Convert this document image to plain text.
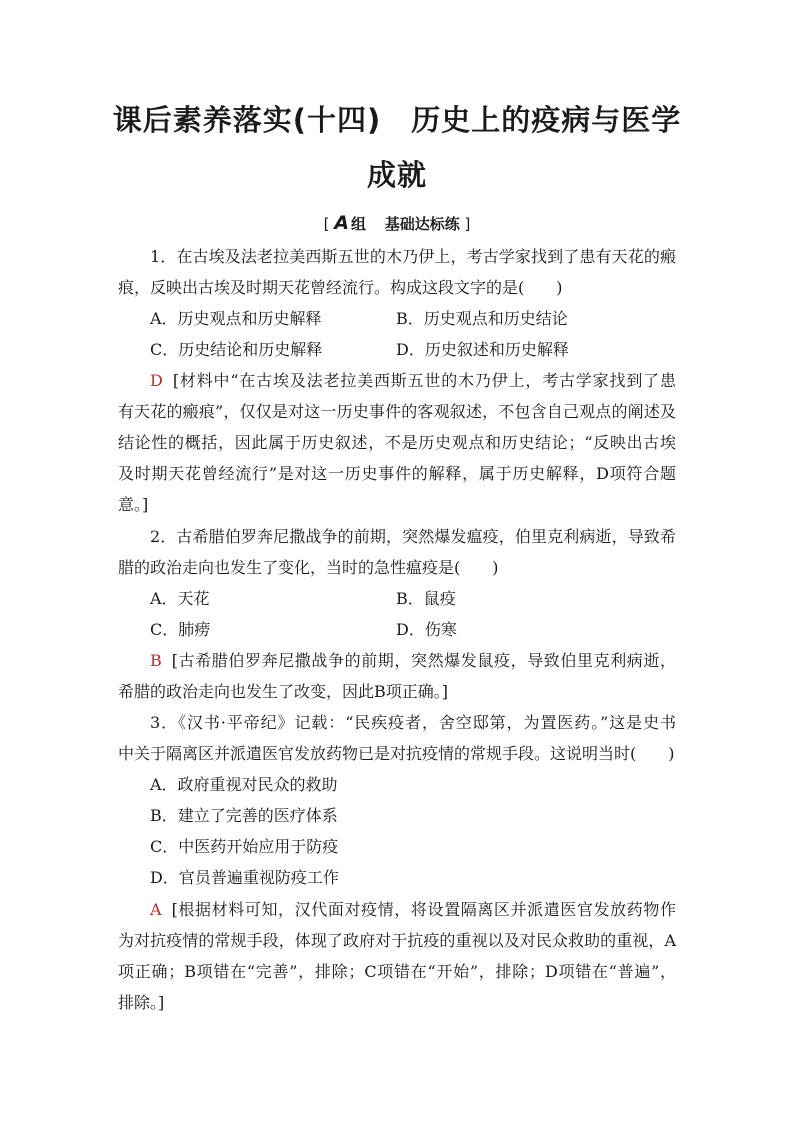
课后素养落实(十四)　历史上的疫病与医学
成就
[ A 组 基础达标练 ]
1．在古埃及法老拉美西斯五世的木乃伊上，考古学家找到了患有天花的瘢
痕，反映出古埃及时期天花曾经流行。构成这段文字的是(　　)
A．历史观点和历史解释	B．历史观点和历史结论
C．历史结论和历史解释	D．历史叙述和历史解释
D [材料中“在古埃及法老拉美西斯五世的木乃伊上，考古学家找到了患
有天花的瘢痕”，仅仅是对这一历史事件的客观叙述，不包含自己观点的阐述及
结论性的概括，因此属于历史叙述，不是历史观点和历史结论；“反映出古埃
及时期天花曾经流行”是对这一历史事件的解释，属于历史解释，D项符合题
意。]
2．古希腊伯罗奔尼撒战争的前期，突然爆发瘟疫，伯里克利病逝，导致希
腊的政治走向也发生了变化，当时的急性瘟疫是(　　)
A．天花	B．鼠疫
C．肺痨	D．伤寒
B [古希腊伯罗奔尼撒战争的前期，突然爆发鼠疫，导致伯里克利病逝，
希腊的政治走向也发生了改变，因此B项正确。]
3．《汉书·平帝纪》记载：“民疾疫者，舍空邸第，为置医药。”这是史书
中关于隔离区并派遣医官发放药物已是对抗疫情的常规手段。这说明当时(　　)
A．政府重视对民众的救助
B．建立了完善的医疗体系
C．中医药开始应用于防疫
D．官员普遍重视防疫工作
A [根据材料可知，汉代面对疫情，将设置隔离区并派遣医官发放药物作
为对抗疫情的常规手段，体现了政府对于抗疫的重视以及对民众救助的重视，A
项正确；B项错在“完善”，排除；C项错在“开始”，排除；D项错在“普遍”，
排除。]
